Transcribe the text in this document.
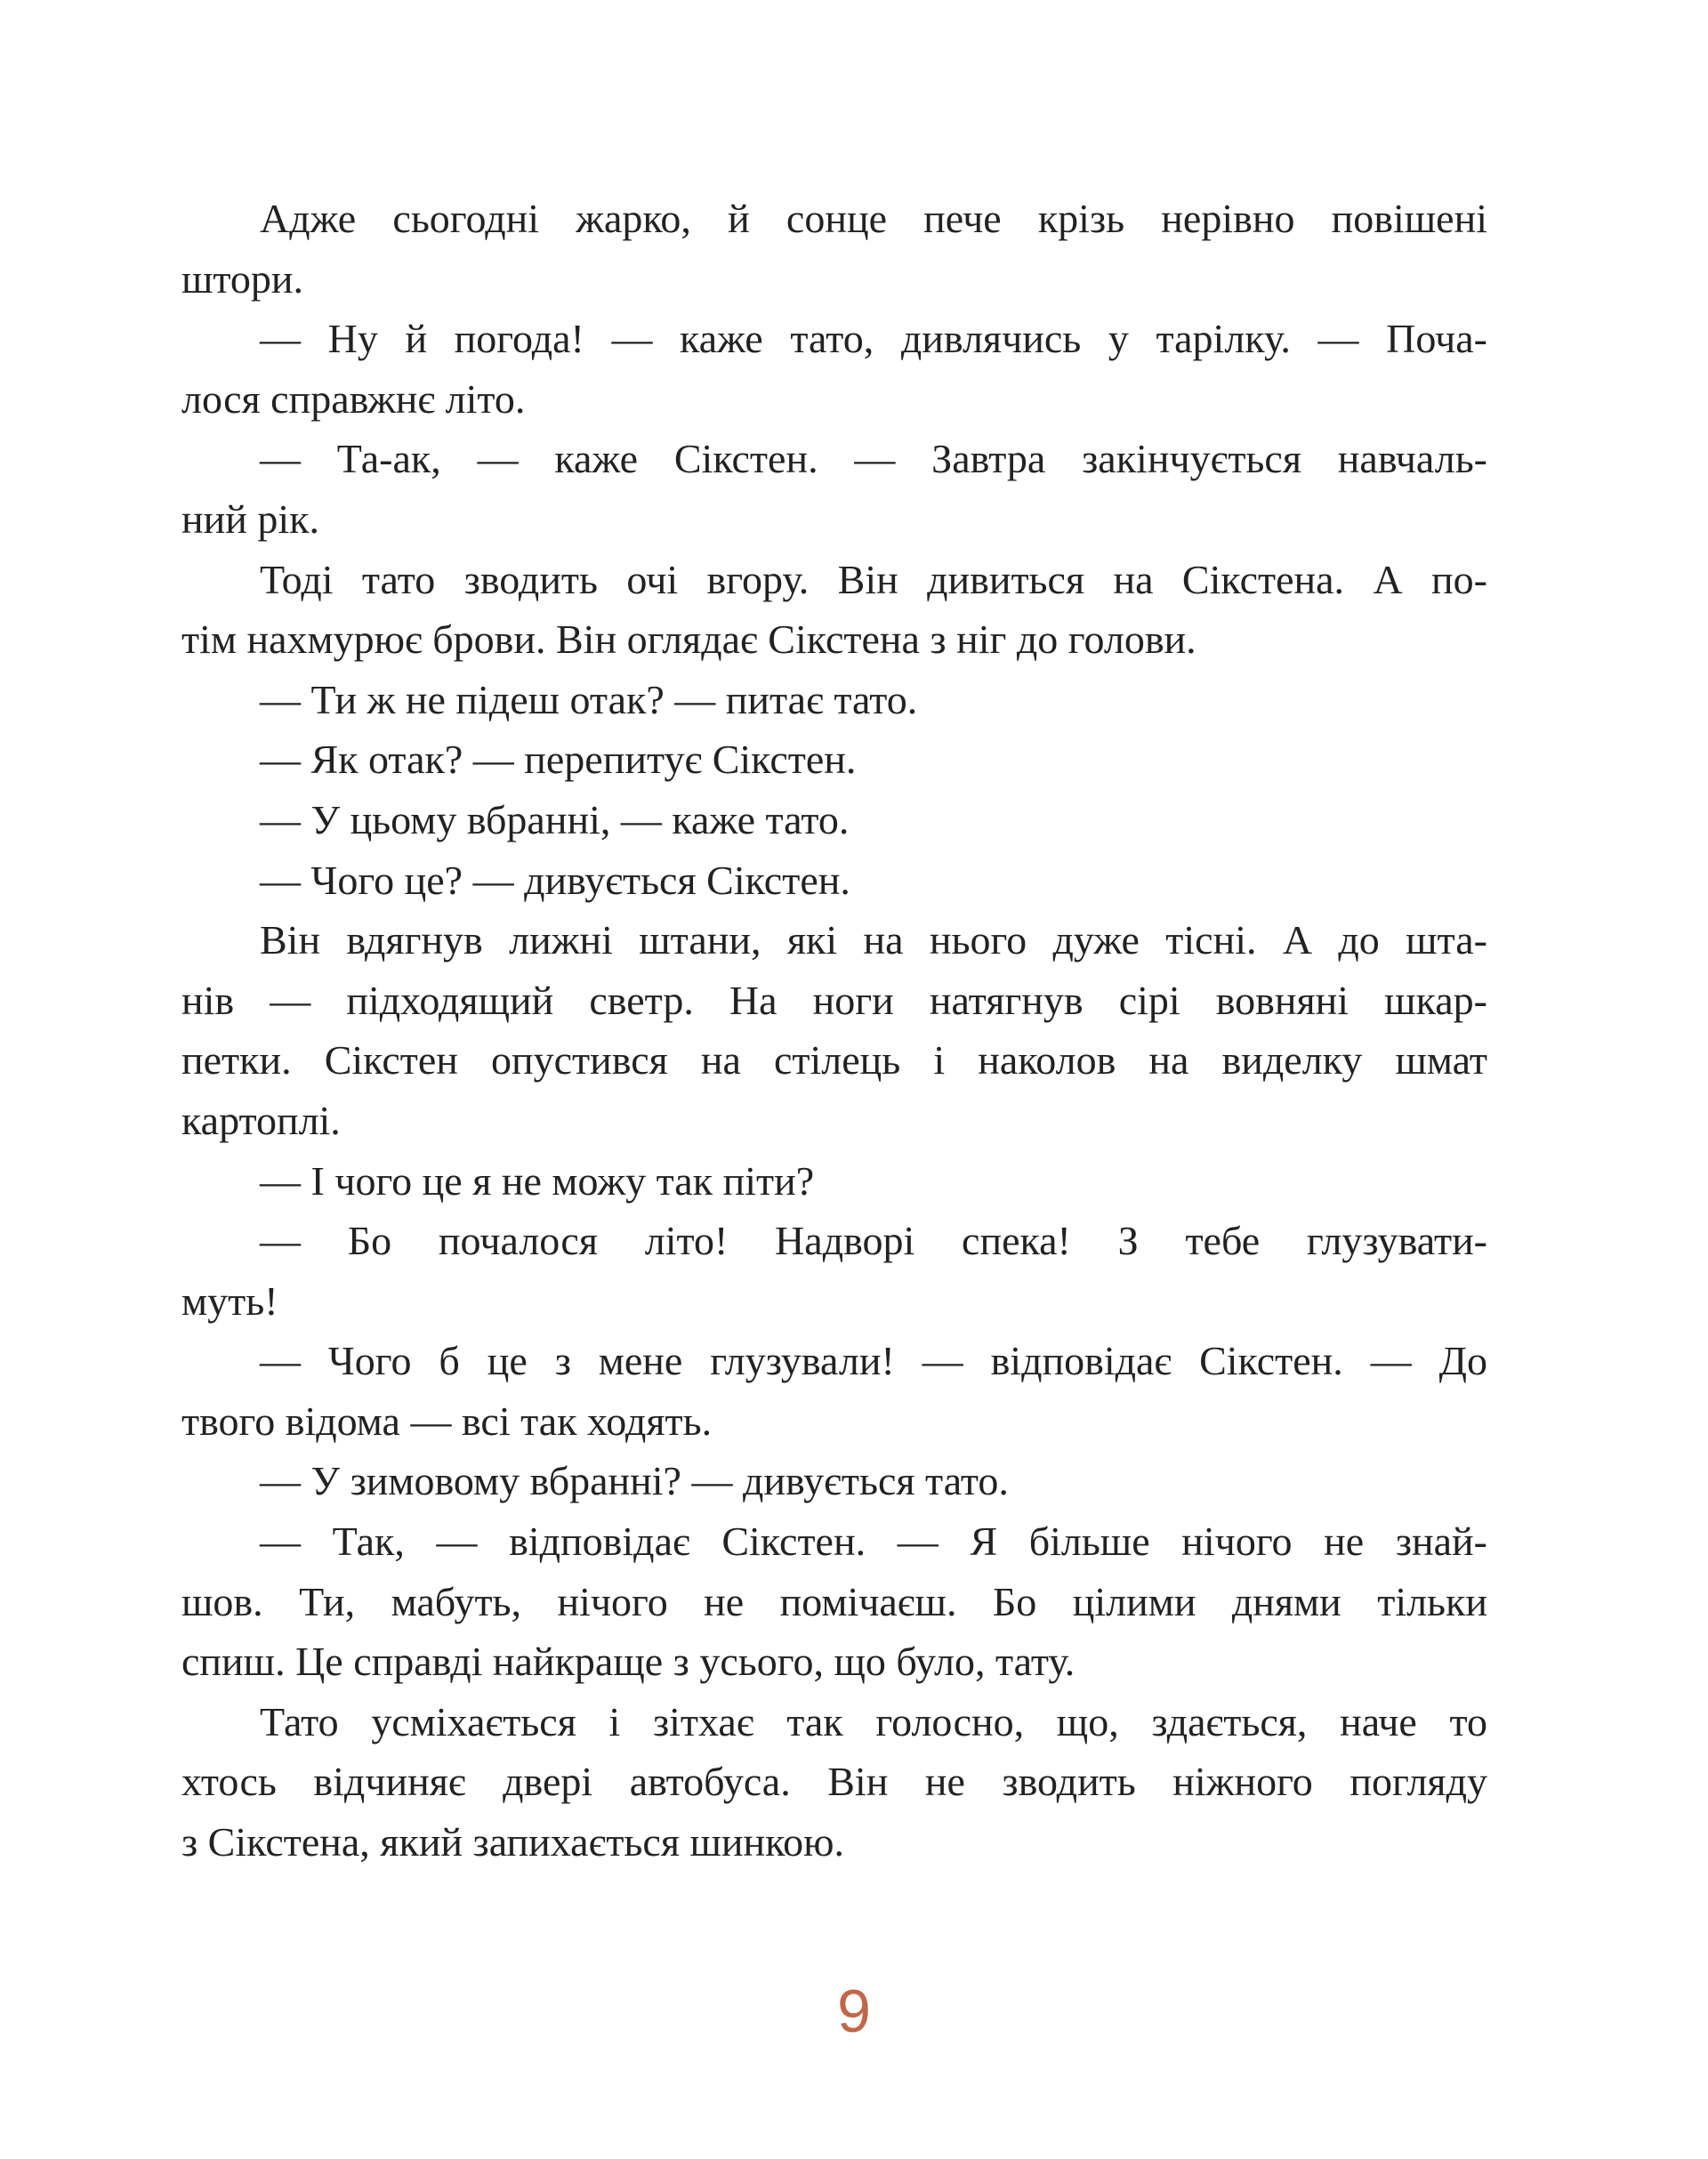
Адже сьогодні жарко, й сонце пече крізь нерівно повішені
штори.
— Ну й погода! — каже тато, дивлячись у тарілку. — Поча-
лося справжнє літо.
— Та-ак, — каже Сікстен. — Завтра закінчується навчаль-
ний рік.
Тоді тато зводить очі вгору. Він дивиться на Сікстена. А по-
тім нахмурює брови. Він оглядає Сікстена з ніг до голови.
— Ти ж не підеш отак? — питає тато.
— Як отак? — перепитує Сікстен.
— У цьому вбранні, — каже тато.
— Чого це? — дивується Сікстен.
Він вдягнув лижні штани, які на нього дуже тісні. А до шта-
нів — підходящий светр. На ноги натягнув сірі вовняні шкар-
петки. Сікстен опустився на стілець і наколов на виделку шмат
картоплі.
— І чого це я не можу так піти?
— Бо почалося літо! Надворі спека! З тебе глузувати-
муть!
— Чого б це з мене глузували! — відповідає Сікстен. — До
твого відома — всі так ходять.
— У зимовому вбранні? — дивується тато.
— Так, — відповідає Сікстен. — Я більше нічого не знай-
шов. Ти, мабуть, нічого не помічаєш. Бо цілими днями тільки
спиш. Це справді найкраще з усього, що було, тату.
Тато усміхається і зітхає так голосно, що, здається, наче то
хтось відчиняє двері автобуса. Він не зводить ніжного погляду
з Сікстена, який запихається шинкою.
9
